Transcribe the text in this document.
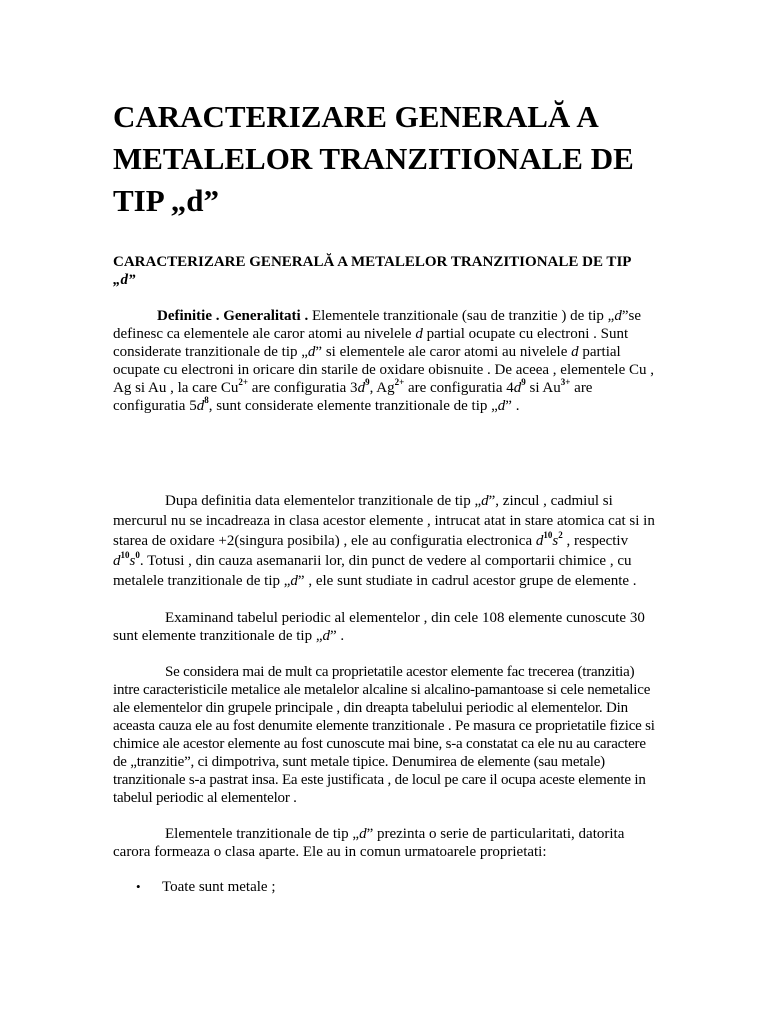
CARACTERIZARE GENERALĂ A METALELOR TRANZITIONALE DE TIP „d”
CARACTERIZARE GENERALĂ A METALELOR TRANZITIONALE DE TIP
„d”

Definitie . Generalitati . Elementele tranzitionale (sau de tranzitie ) de tip „d”se definesc ca elementele ale caror atomi au nivelele d partial ocupate cu electroni . Sunt considerate tranzitionale de tip „d” si elementele ale caror atomi au nivelele d partial ocupate cu electroni in oricare din starile de oxidare obisnuite . De aceea , elementele Cu , Ag si Au , la care $Cu^{2+}$ are configuratia $3d^9$, $Ag^{2+}$ are configuratia $4d^9$ si $Au^{3+}$ are configuratia $5d^8$, sunt considerate elemente tranzitionale de tip „d” .

Dupa definitia data elementelor tranzitionale de tip „d”, zincul , cadmiul si mercurul nu se incadreaza in clasa acestor elemente , intrucat atat in stare atomica cat si in starea de oxidare +2(singura posibila) , ele au configuratia electronica $d^{10}s^2$ , respectiv $d^{10}s^0$. Totusi , din cauza asemanarii lor, din punct de vedere al comportarii chimice , cu metalele tranzitionale de tip „d” , ele sunt studiate in cadrul acestor grupe de elemente .

Examinand tabelul periodic al elementelor , din cele 108 elemente cunoscute 30 sunt elemente tranzitionale de tip „d” .

Se considera mai de mult ca proprietatile acestor elemente fac trecerea (tranzitia) intre caracteristicile metalice ale metalelor alcaline si alcalino-pamantoase si cele nemetalice ale elementelor din grupele principale , din dreapta tabelului periodic al elementelor. Din aceasta cauza ele au fost denumite elemente tranzitionale . Pe masura ce proprietatile fizice si chimice ale acestor elemente au fost cunoscute mai bine, s-a constatat ca ele nu au caractere de „tranzitie”, ci dimpotriva, sunt metale tipice. Denumirea de elemente (sau metale) tranzitionale s-a pastrat insa. Ea este justificata , de locul pe care il ocupa aceste elemente in tabelul periodic al elementelor .

Elementele tranzitionale de tip „d” prezinta o serie de particularitati, datorita carora formeaza o clasa aparte. Ele au in comun urmatoarele proprietati:

• Toate sunt metale ;
